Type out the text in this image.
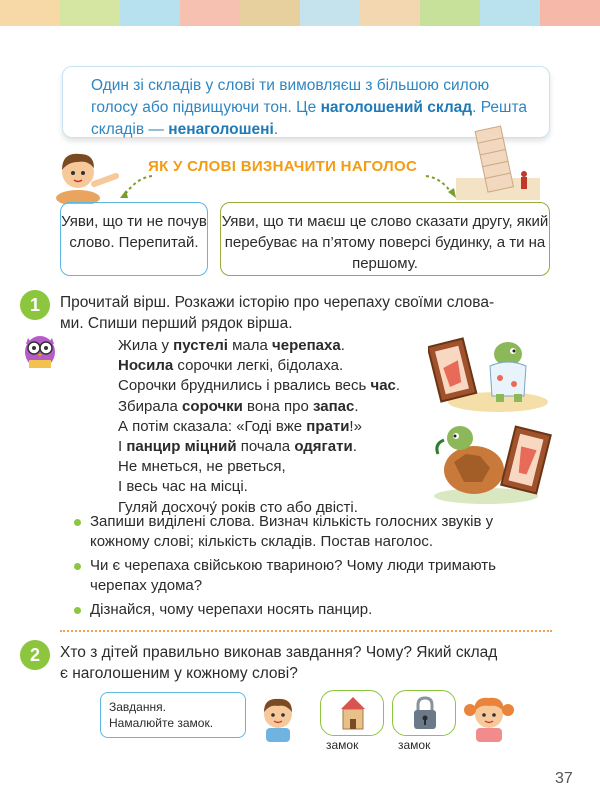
Один зі складів у слові ти вимовляєш з більшою силою голосу або підвищуючи тон. Це наголошений склад. Решта складів — ненаголошені.
ЯК У СЛОВІ ВИЗНАЧИТИ НАГОЛОС
Уяви, що ти не почув слово. Перепитай.
Уяви, що ти маєш це слово сказати другу, який перебуває на п’ятому поверсі будинку, а ти на першому.
1	Прочитай вірш. Розкажи історію про черепаху своїми слова-
ми. Спиши перший рядок вірша.
Жила у пустелі мала черепаха.
Носила сорочки легкі, бідолаха.
Сорочки бруднились і рвались весь час.
Збирала сорочки вона про запас.
А потім сказала: «Годі вже прати!»
І панцир міцний почала одягати.
Не мнеться, не рветься,
І весь час на місці.
Гуляй досхочу́ років сто або двісті.
Запиши виділені слова. Визнач кількість голосних звуків у кожному слові; кількість складів. Постав наголос.
Чи є черепаха свійською твариною? Чому люди тримають черепах удома?
Дізнайся, чому черепахи носять панцир.
2	Хто з дітей правильно виконав завдання? Чому? Який склад
є наголошеним у кожному слові?
Завдання.
Намалюйте замок.
замок	замок
37
